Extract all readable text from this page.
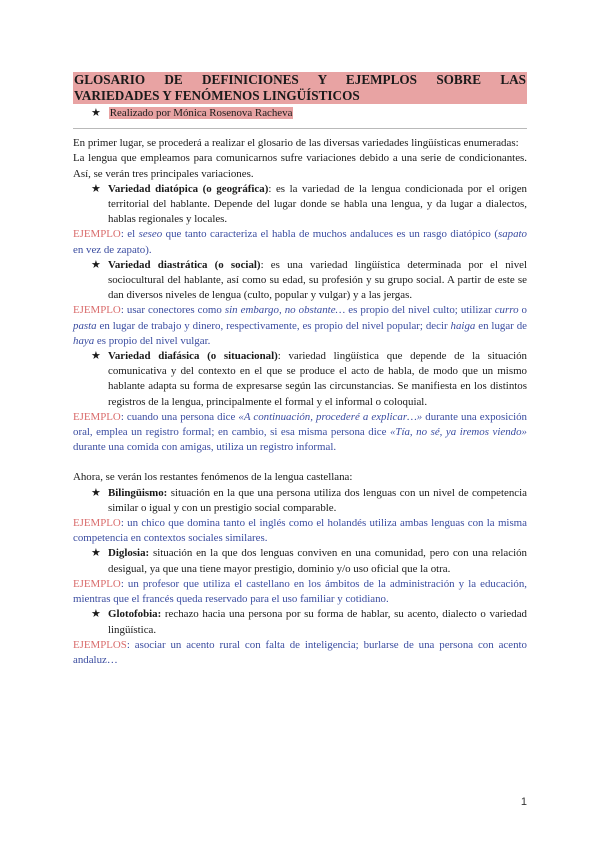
GLOSARIO DE DEFINICIONES Y EJEMPLOS SOBRE LAS
VARIEDADES Y FENÓMENOS LINGÜÍSTICOS
★ Realizado por Mónica Rosenova Racheva

En primer lugar, se procederá a realizar el glosario de las diversas variedades lingüísticas enumeradas:

La lengua que empleamos para comunicarnos sufre variaciones debido a una serie de condicionantes. Así, se verán tres principales variaciones.

★ Variedad diatópica (o geográfica): es la variedad de la lengua condicionada por el origen territorial del hablante. Depende del lugar donde se habla una lengua, y da lugar a dialectos, hablas regionales y locales.

EJEMPLO: el seseo que tanto caracteriza el habla de muchos andaluces es un rasgo diatópico (sapato en vez de zapato).

★ Variedad diastrática (o social): es una variedad lingüística determinada por el nivel sociocultural del hablante, así como su edad, su profesión y su grupo social. A partir de este se dan diversos niveles de lengua (culto, popular y vulgar) y a las jergas.

EJEMPLO: usar conectores como sin embargo, no obstante… es propio del nivel culto; utilizar curro o pasta en lugar de trabajo y dinero, respectivamente, es propio del nivel popular; decir haiga en lugar de haya es propio del nivel vulgar.

★ Variedad diafásica (o situacional): variedad lingüística que depende de la situación comunicativa y del contexto en el que se produce el acto de habla, de modo que un mismo hablante adapta su forma de expresarse según las circunstancias. Se manifiesta en los distintos registros de la lengua, principalmente el formal y el informal o coloquial.

EJEMPLO: cuando una persona dice «A continuación, procederé a explicar…» durante una exposición oral, emplea un registro formal; en cambio, si esa misma persona dice «Tía, no sé, ya iremos viendo» durante una comida con amigas, utiliza un registro informal.

Ahora, se verán los restantes fenómenos de la lengua castellana:

★ Bilingüismo: situación en la que una persona utiliza dos lenguas con un nivel de competencia similar o igual y con un prestigio social comparable.

EJEMPLO: un chico que domina tanto el inglés como el holandés utiliza ambas lenguas con la misma competencia en contextos sociales similares.

★ Diglosia: situación en la que dos lenguas conviven en una comunidad, pero con una relación desigual, ya que una tiene mayor prestigio, dominio y/o uso oficial que la otra.

EJEMPLO: un profesor que utiliza el castellano en los ámbitos de la administración y la educación, mientras que el francés queda reservado para el uso familiar y cotidiano.

★ Glotofobia: rechazo hacia una persona por su forma de hablar, su acento, dialecto o variedad lingüística.

EJEMPLOS: asociar un acento rural con falta de inteligencia; burlarse de una persona con acento andaluz…

1
